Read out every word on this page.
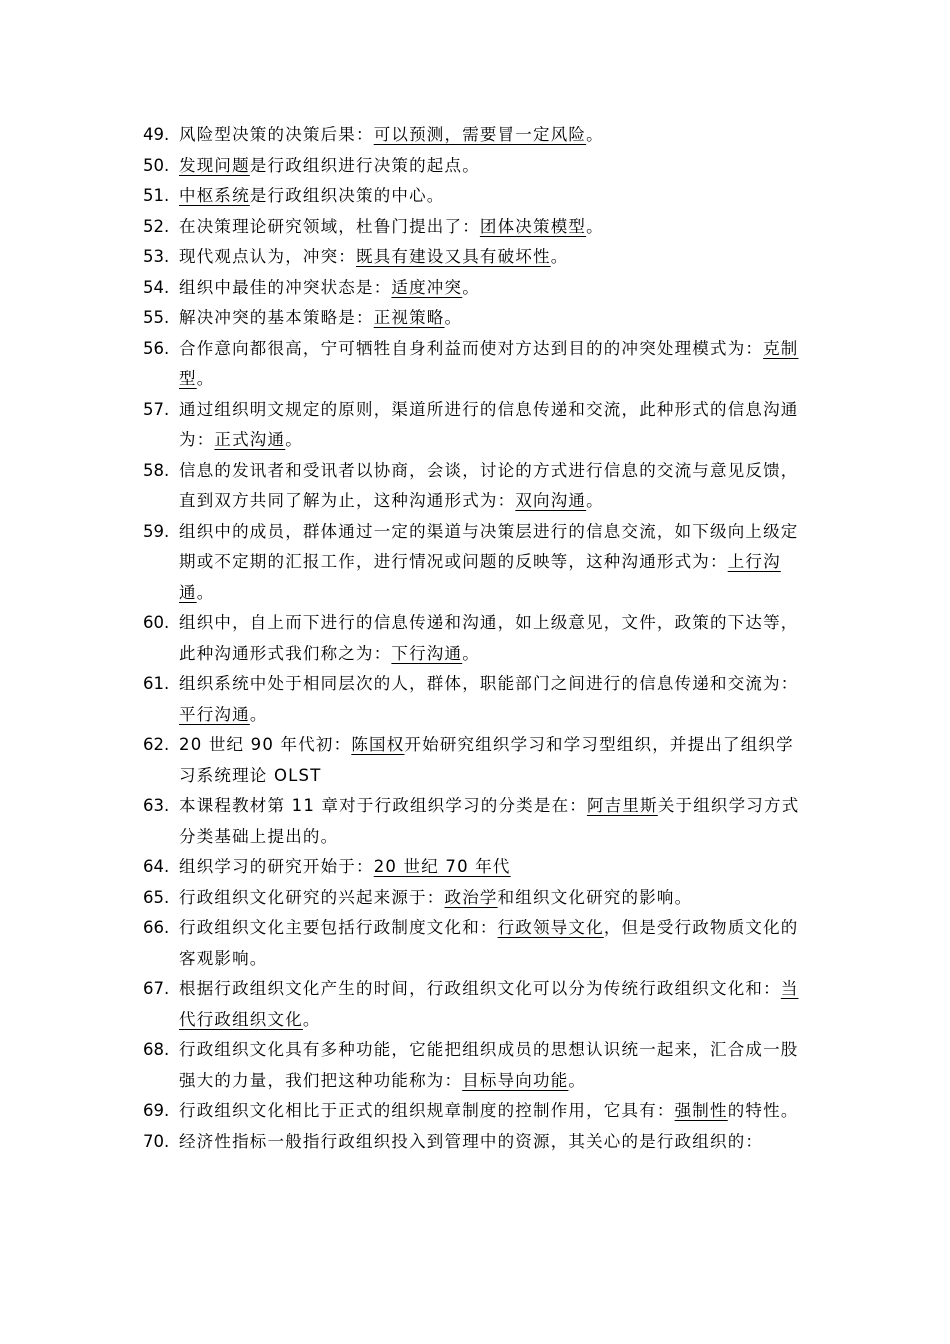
49. 风险型决策的决策后果：可以预测，需要冒一定风险。
50. 发现问题是行政组织进行决策的起点。
51. 中枢系统是行政组织决策的中心。
52. 在决策理论研究领域，杜鲁门提出了：团体决策模型。
53. 现代观点认为，冲突：既具有建设又具有破坏性。
54. 组织中最佳的冲突状态是：适度冲突。
55. 解决冲突的基本策略是：正视策略。
56. 合作意向都很高，宁可牺牲自身利益而使对方达到目的的冲突处理模式为：克制型。
57. 通过组织明文规定的原则，渠道所进行的信息传递和交流，此种形式的信息沟通为：正式沟通。
58. 信息的发讯者和受讯者以协商，会谈，讨论的方式进行信息的交流与意见反馈，直到双方共同了解为止，这种沟通形式为：双向沟通。
59. 组织中的成员，群体通过一定的渠道与决策层进行的信息交流，如下级向上级定期或不定期的汇报工作，进行情况或问题的反映等，这种沟通形式为：上行沟通。
60. 组织中，自上而下进行的信息传递和沟通，如上级意见，文件，政策的下达等，此种沟通形式我们称之为：下行沟通。
61. 组织系统中处于相同层次的人，群体，职能部门之间进行的信息传递和交流为：平行沟通。
62. 20 世纪 90 年代初：陈国权开始研究组织学习和学习型组织，并提出了组织学习系统理论 OLST
63. 本课程教材第 11 章对于行政组织学习的分类是在：阿吉里斯关于组织学习方式分类基础上提出的。
64. 组织学习的研究开始于：20 世纪 70 年代
65. 行政组织文化研究的兴起来源于：政治学和组织文化研究的影响。
66. 行政组织文化主要包括行政制度文化和：行政领导文化，但是受行政物质文化的客观影响。
67. 根据行政组织文化产生的时间，行政组织文化可以分为传统行政组织文化和：当代行政组织文化。
68. 行政组织文化具有多种功能，它能把组织成员的思想认识统一起来，汇合成一股强大的力量，我们把这种功能称为：目标导向功能。
69. 行政组织文化相比于正式的组织规章制度的控制作用，它具有：强制性的特性。
70. 经济性指标一般指行政组织投入到管理中的资源，其关心的是行政组织的：
